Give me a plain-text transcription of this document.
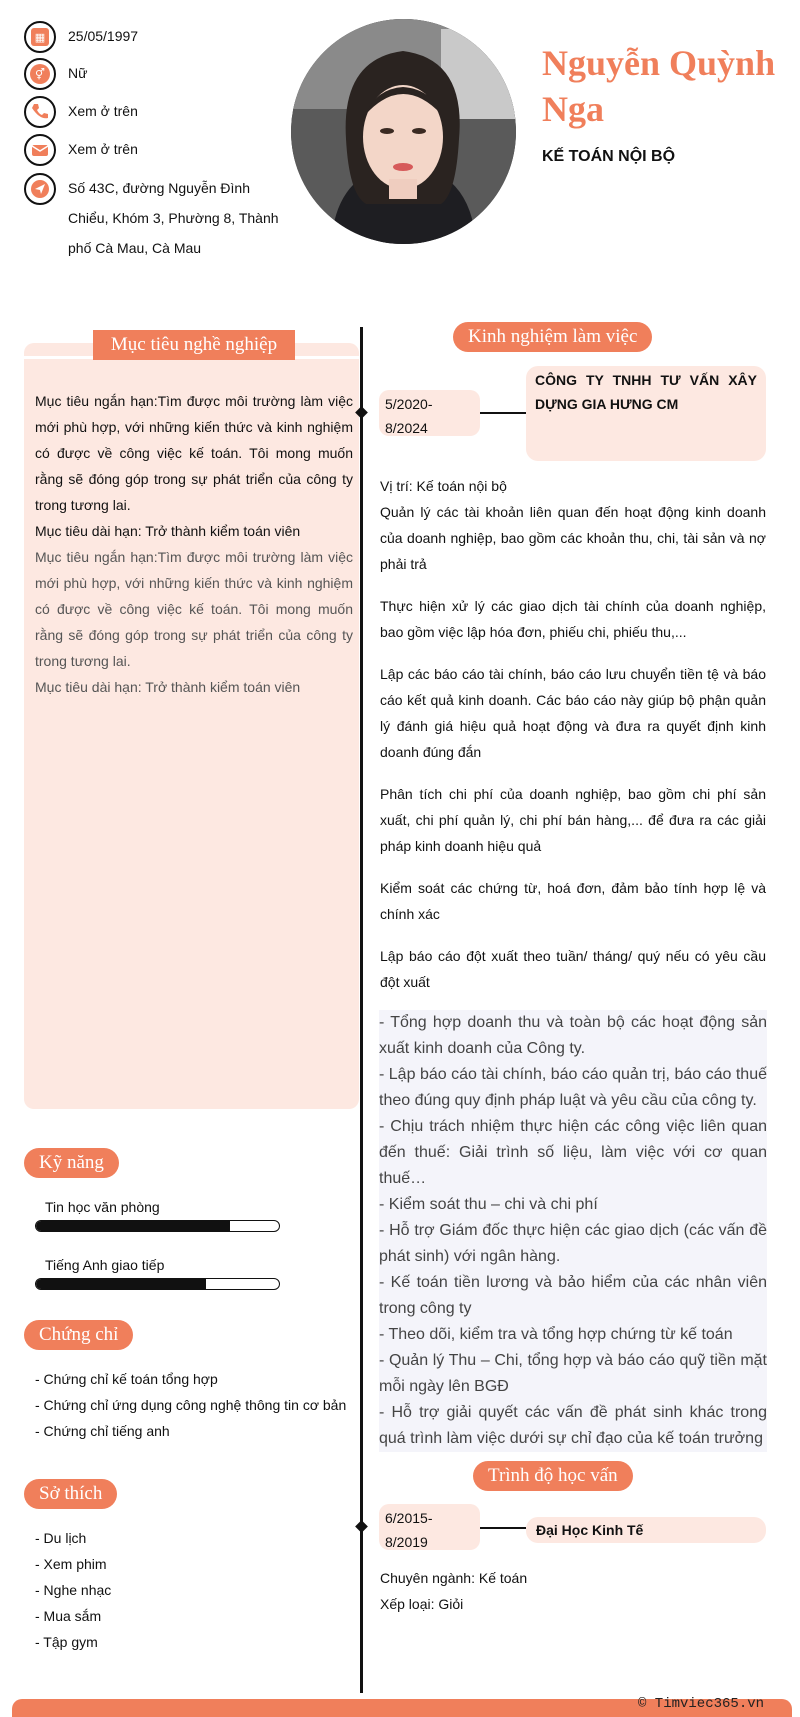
▦ 25/05/1997
⚥	Nữ
Xem ở trên
Xem ở trên
Số 43C, đường Nguyễn Đình
Chiểu, Khóm 3, Phường 8, Thành
phố Cà Mau, Cà Mau
Nguyễn Quỳnh
Nga
KẾ TOÁN NỘI BỘ
Mục tiêu nghề nghiệp

Mục tiêu ngắn hạn:Tìm được môi trường làm việc mới phù hợp, với những kiến thức và kinh nghiệm có được về công việc kế toán. Tôi mong muốn rằng sẽ đóng góp trong sự phát triển của công ty trong tương lai.

Mục tiêu dài hạn: Trở thành kiểm toán viên

Mục tiêu ngắn hạn:Tìm được môi trường làm việc mới phù hợp, với những kiến thức và kinh nghiệm có được về công việc kế toán. Tôi mong muốn rằng sẽ đóng góp trong sự phát triển của công ty trong tương lai.

Mục tiêu dài hạn: Trở thành kiểm toán viên

Kỹ năng
Tin học văn phòng
Tiếng Anh giao tiếp
Chứng chỉ
- Chứng chỉ kế toán tổng hợp
- Chứng chỉ ứng dụng công nghệ thông tin cơ bản
- Chứng chỉ tiếng anh
Sở thích
- Du lịch
- Xem phim
- Nghe nhạc
- Mua sắm
- Tập gym
Kinh nghiệm làm việc
5/2020-
8/2024
CÔNG TY TNHH TƯ VẤN XÂY DỰNG GIA HƯNG CM

Vị trí: Kế toán nội bộ

Quản lý các tài khoản liên quan đến hoạt động kinh doanh của doanh nghiệp, bao gồm các khoản thu, chi, tài sản và nợ phải trả

Thực hiện xử lý các giao dịch tài chính của doanh nghiệp, bao gồm việc lập hóa đơn, phiếu chi, phiếu thu,...

Lập các báo cáo tài chính, báo cáo lưu chuyển tiền tệ và báo cáo kết quả kinh doanh. Các báo cáo này giúp bộ phận quản lý đánh giá hiệu quả hoạt động và đưa ra quyết định kinh doanh đúng đắn

Phân tích chi phí của doanh nghiệp, bao gồm chi phí sản xuất, chi phí quản lý, chi phí bán hàng,... để đưa ra các giải pháp kinh doanh hiệu quả

Kiểm soát các chứng từ, hoá đơn, đảm bảo tính hợp lệ và chính xác

Lập báo cáo đột xuất theo tuần/ tháng/ quý nếu có yêu cầu đột xuất

- Tổng hợp doanh thu và toàn bộ các hoạt động sản xuất kinh doanh của Công ty.
- Lập báo cáo tài chính, báo cáo quản trị, báo cáo thuế theo đúng quy định pháp luật và yêu cầu của công ty.
- Chịu trách nhiệm thực hiện các công việc liên quan đến thuế: Giải trình số liệu, làm việc với cơ quan thuế…
- Kiểm soát thu – chi và chi phí
- Hỗ trợ Giám đốc thực hiện các giao dịch (các vấn đề phát sinh) với ngân hàng.
- Kế toán tiền lương và bảo hiểm của các nhân viên trong công ty
- Theo dõi, kiểm tra và tổng hợp chứng từ kế toán
- Quản lý Thu – Chi, tổng hợp và báo cáo quỹ tiền mặt mỗi ngày lên BGĐ
- Hỗ trợ giải quyết các vấn đề phát sinh khác trong quá trình làm việc dưới sự chỉ đạo của kế toán trưởng
Trình độ học vấn
6/2015-
8/2019
Đại Học Kinh Tế
Chuyên ngành: Kế toán
Xếp loại: Giỏi
© Timviec365.vn
